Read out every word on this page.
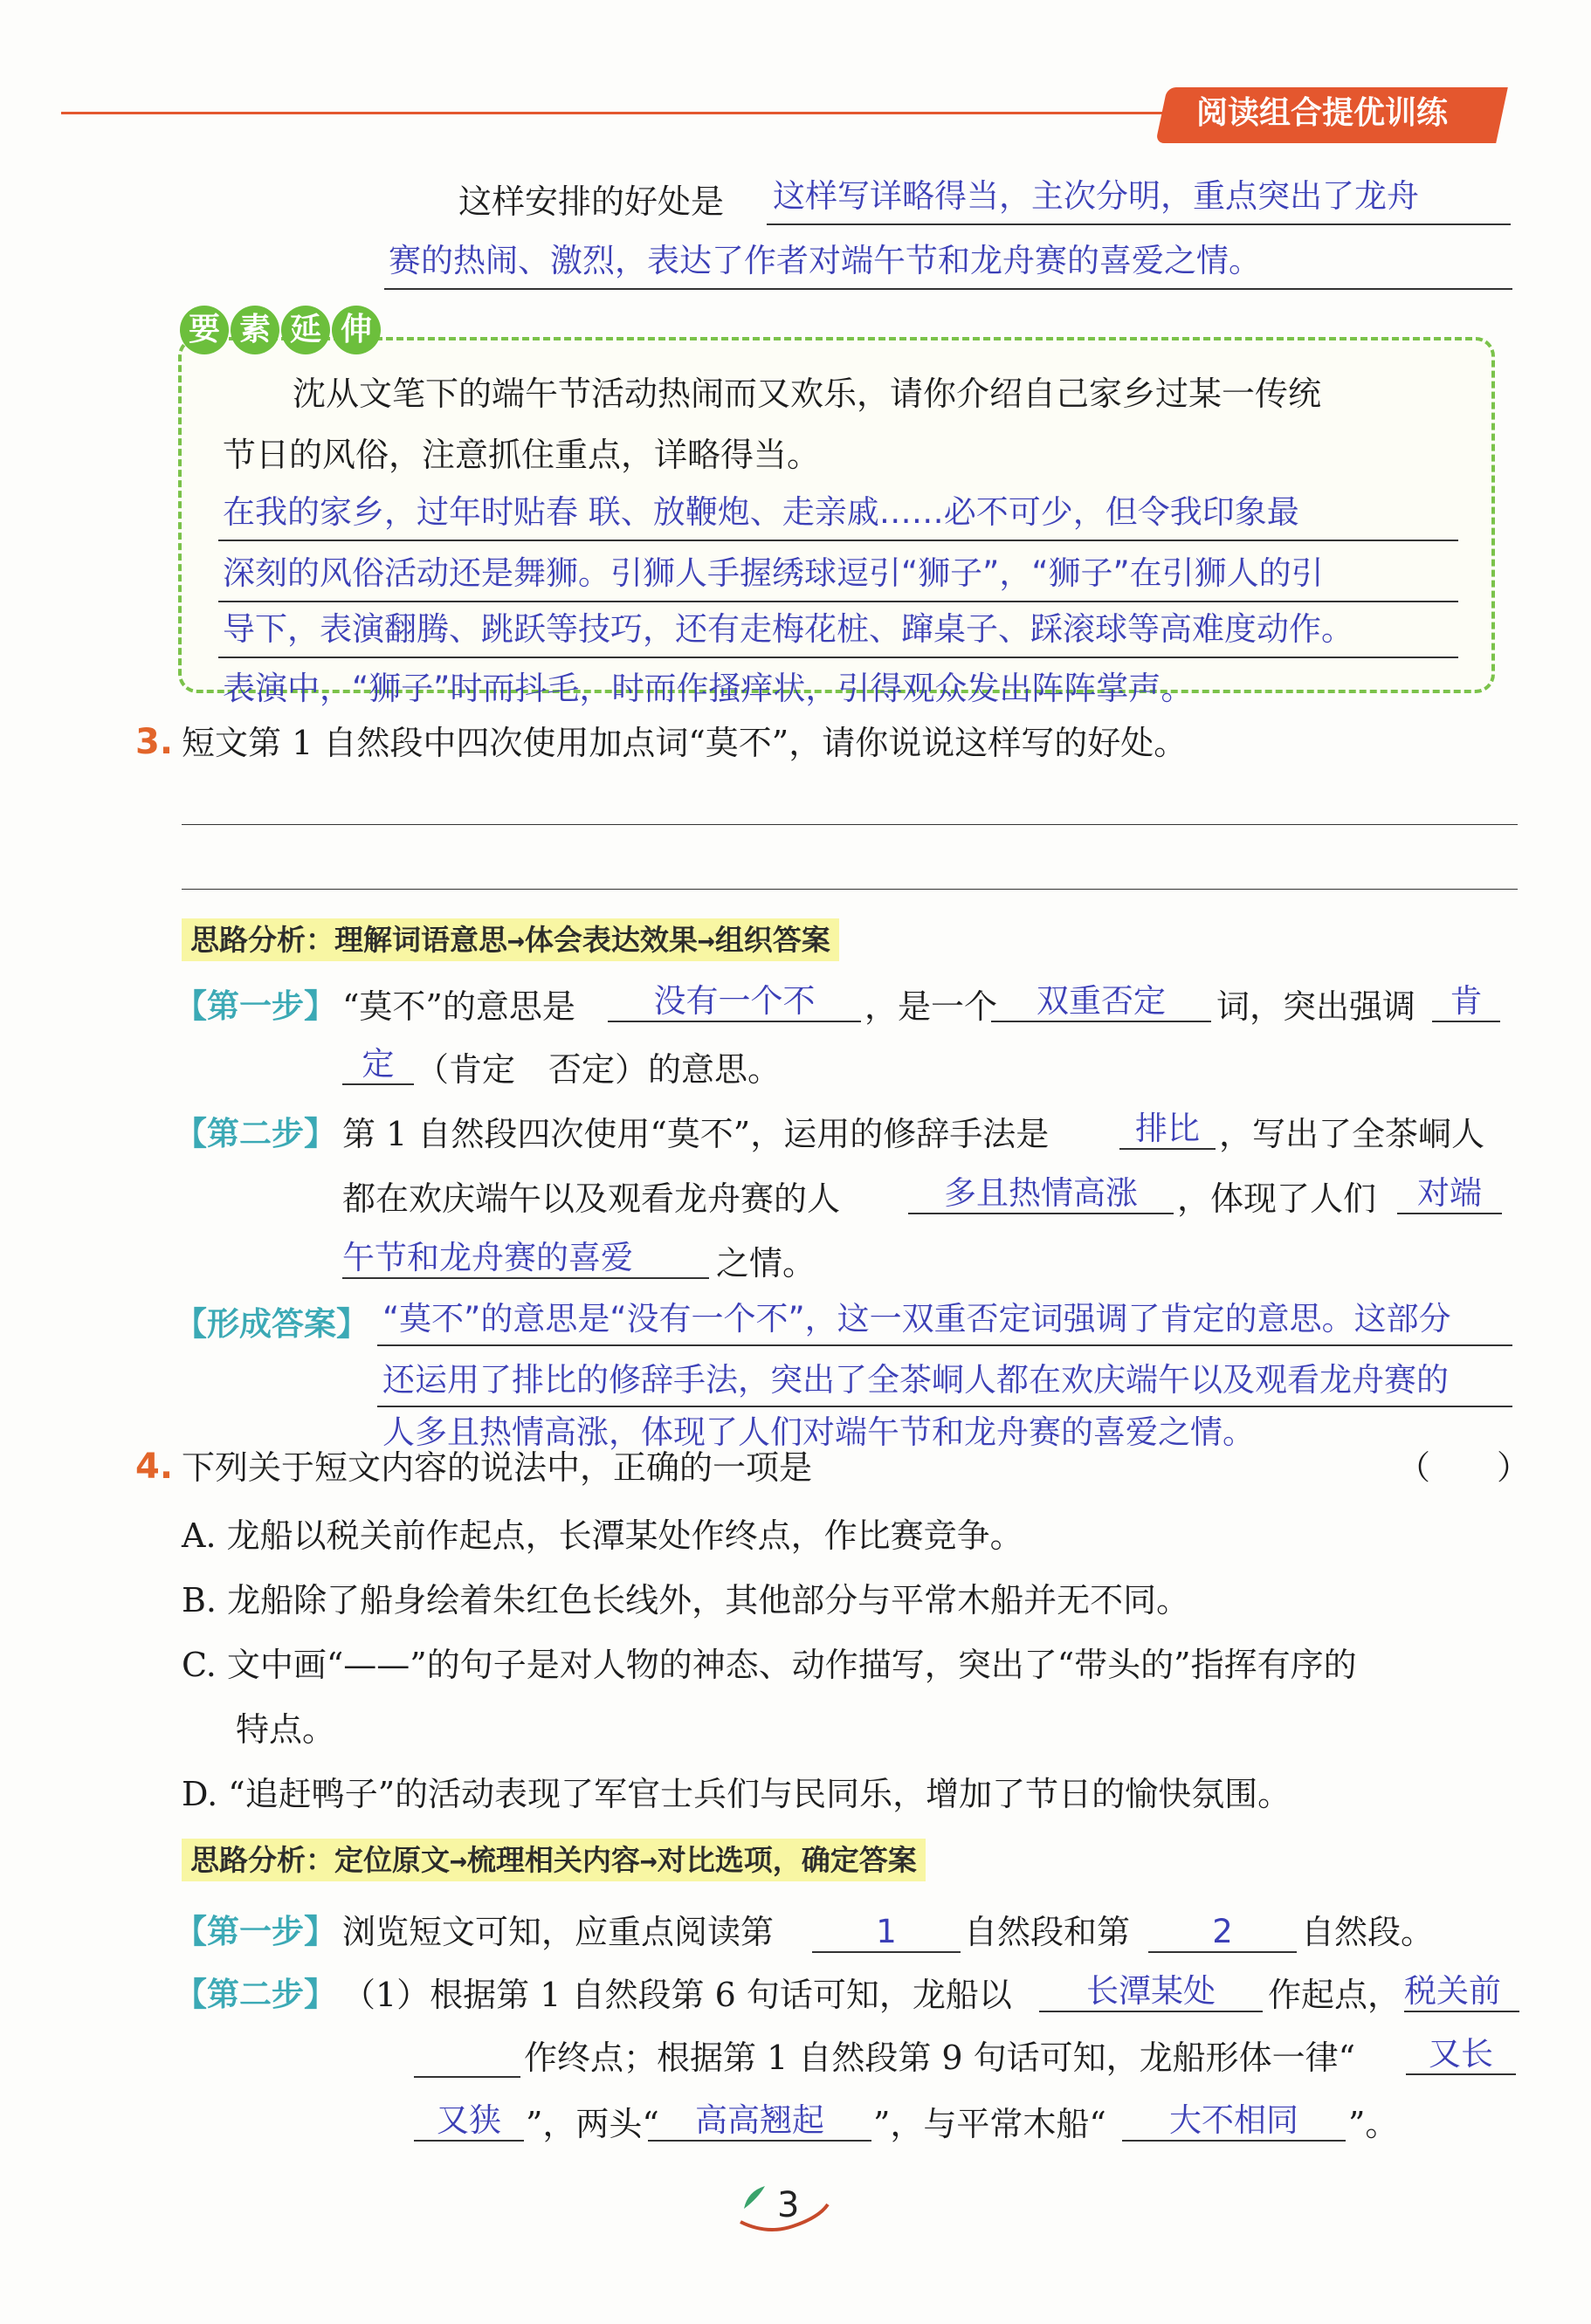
阅读组合提优训练
这样安排的好处是 这样写详略得当，主次分明，重点突出了龙舟
赛的热闹、激烈，表达了作者对端午节和龙舟赛的喜爱之情。
要 素 延 伸
沈从文笔下的端午节活动热闹而又欢乐，请你介绍自己家乡过某一传统
节日的风俗，注意抓住重点，详略得当。
在我的家乡，过年时贴春 联、放鞭炮、走亲戚……必不可少，但令我印象最
深刻的风俗活动还是舞狮。引狮人手握绣球逗引“狮子”，“狮子”在引狮人的引
导下，表演翻腾、跳跃等技巧，还有走梅花桩、蹿桌子、踩滚球等高难度动作。
表演中，“狮子”时而抖毛，时而作搔痒状，引得观众发出阵阵掌声。
3. 短文第 1 自然段中四次使用加点词“莫不”，请你说说这样写的好处。
思路分析：理解词语意思→体会表达效果→组织答案
【第一步】 “莫不”的意思是	没有一个不	，是一个	双重否定	词，突出强调	肯
定 （肯定　否定）的意思。
【第二步】 第 1 自然段四次使用“莫不”，运用的修辞手法是	排比 ，写出了全茶峒人
都在欢庆端午以及观看龙舟赛的人	多且热情高涨	，体现了人们	对端
午节和龙舟赛的喜爱	之情。
【形成答案】 “莫不”的意思是“没有一个不”，这一双重否定词强调了肯定的意思。这部分
还运用了排比的修辞手法，突出了全茶峒人都在欢庆端午以及观看龙舟赛的
人多且热情高涨，体现了人们对端午节和龙舟赛的喜爱之情。
4. 下列关于短文内容的说法中，正确的一项是	（　　）
A. 龙船以税关前作起点，长潭某处作终点，作比赛竞争。
B. 龙船除了船身绘着朱红色长线外，其他部分与平常木船并无不同。
C. 文中画“——”的句子是对人物的神态、动作描写，突出了“带头的”指挥有序的
特点。
D. “追赶鸭子”的活动表现了军官士兵们与民同乐，增加了节日的愉快氛围。
思路分析：定位原文→梳理相关内容→对比选项，确定答案
【第一步】 浏览短文可知，应重点阅读第	1	自然段和第	2	自然段。
【第二步】 （1）根据第 1 自然段第 6 句话可知，龙船以	长潭某处	作起点， 税关前
作终点；根据第 1 自然段第 9 句话可知，龙船形体一律“	又长
又狭 ”，两头“	高高翘起	”，与平常木船“	大不相同	”。
3
